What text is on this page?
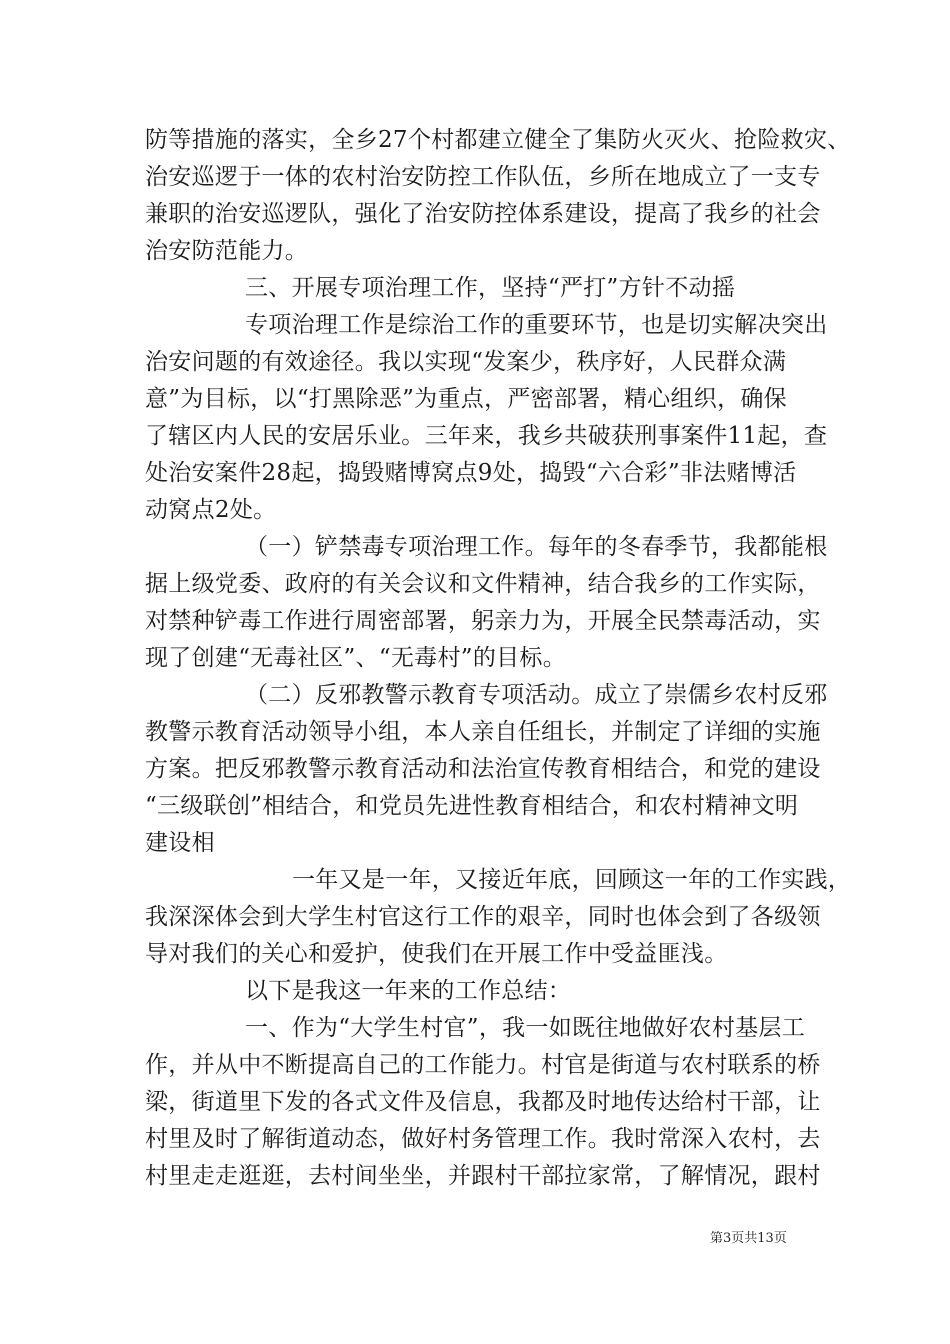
防等措施的落实，全乡27个村都建立健全了集防火灭火、抢险救灾、
治安巡逻于一体的农村治安防控工作队伍，乡所在地成立了一支专
兼职的治安巡逻队，强化了治安防控体系建设，提高了我乡的社会
治安防范能力。
三、开展专项治理工作，坚持“严打”方针不动摇
专项治理工作是综治工作的重要环节，也是切实解决突出
治安问题的有效途径。我以实现“发案少，秩序好，人民群众满
意”为目标，以“打黑除恶”为重点，严密部署，精心组织，确保
了辖区内人民的安居乐业。三年来，我乡共破获刑事案件11起，查
处治安案件28起，捣毁赌博窝点9处，捣毁“六合彩”非法赌博活
动窝点2处。
（一）铲禁毒专项治理工作。每年的冬春季节，我都能根
据上级党委、政府的有关会议和文件精神，结合我乡的工作实际，
对禁种铲毒工作进行周密部署，躬亲力为，开展全民禁毒活动，实
现了创建“无毒社区”、“无毒村”的目标。
（二）反邪教警示教育专项活动。成立了崇儒乡农村反邪
教警示教育活动领导小组，本人亲自任组长，并制定了详细的实施
方案。把反邪教警示教育活动和法治宣传教育相结合，和党的建设
“三级联创”相结合，和党员先进性教育相结合，和农村精神文明
建设相
一年又是一年，又接近年底，回顾这一年的工作实践，
我深深体会到大学生村官这行工作的艰辛，同时也体会到了各级领
导对我们的关心和爱护，使我们在开展工作中受益匪浅。
以下是我这一年来的工作总结：
一、作为“大学生村官”，我一如既往地做好农村基层工
作，并从中不断提高自己的工作能力。村官是街道与农村联系的桥
梁，街道里下发的各式文件及信息，我都及时地传达给村干部，让
村里及时了解街道动态，做好村务管理工作。我时常深入农村，去
村里走走逛逛，去村间坐坐，并跟村干部拉家常，了解情况，跟村
第3页共13页
